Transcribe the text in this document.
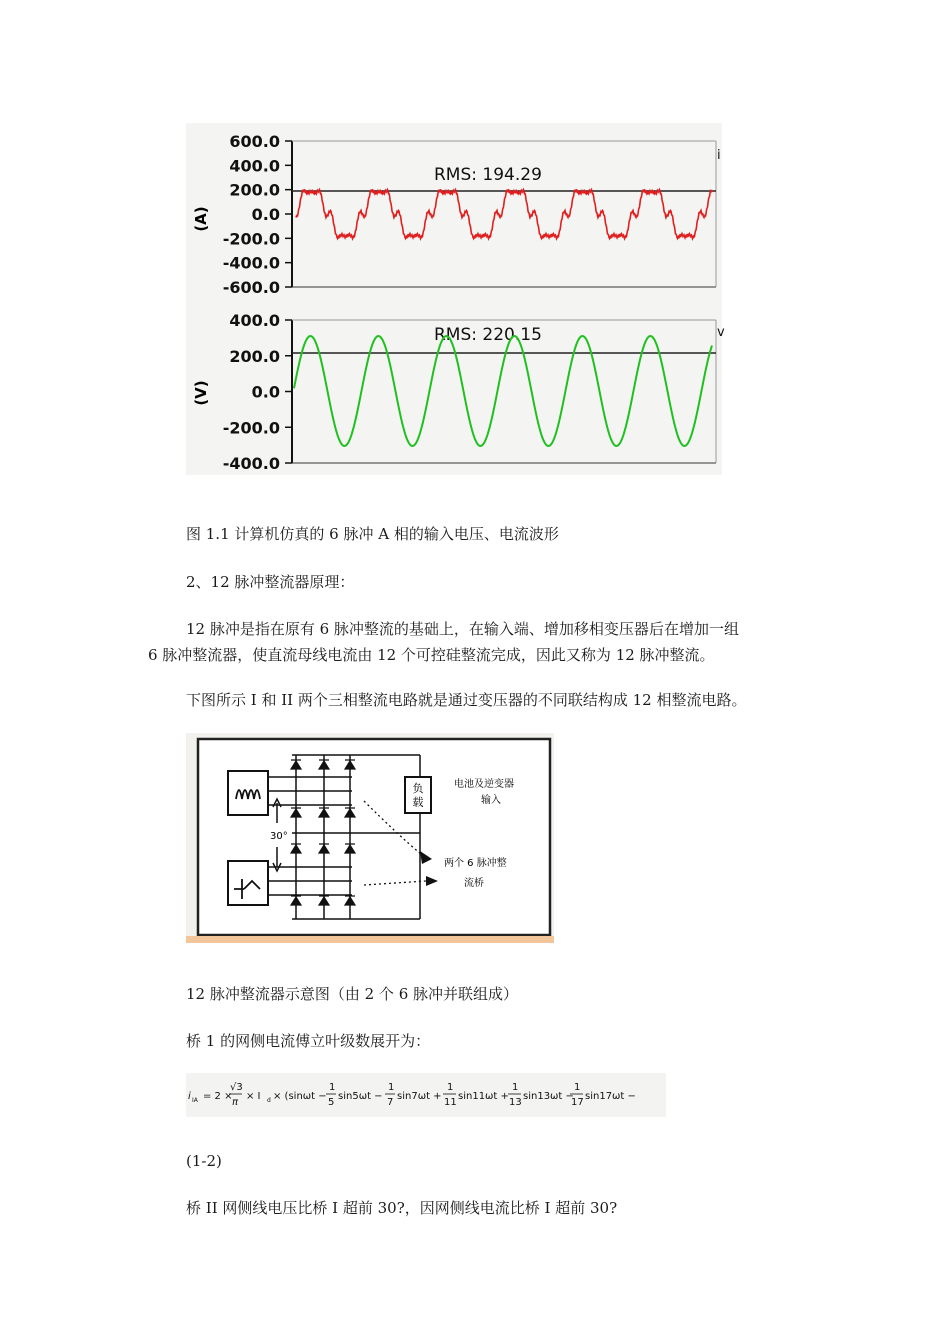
600.0
400.0
200.0
0.0
-200.0
-400.0
-600.0
(A)
RMS: 194.29
i
400.0
200.0
0.0
-200.0
-400.0
(V)
RMS: 220.15	v
图 1.1 计算机仿真的 6 脉冲 A 相的输入电压、电流波形
2、12 脉冲整流器原理：
12 脉冲是指在原有 6 脉冲整流的基础上，在输入端、增加移相变压器后在增加一组
6 脉冲整流器，使直流母线电流由 12 个可控硅整流完成，因此又称为 12 脉冲整流。
下图所示 I 和 II 两个三相整流电路就是通过变压器的不同联结构成 12 相整流电路。
30°
负
载
电池及逆变器
输入
两个 6 脉冲整
流桥
12 脉冲整流器示意图（由 2 个 6 脉冲并联组成）
桥 1 的网侧电流傅立叶级数展开为：
i IA = 2 ×
√3
π
× I d × (sinωt −
1
5
sin5ωt −
1
7
sin7ωt +
1
11
sin11ωt +
1
13
sin13ωt −
1
17
sin17ωt −
(1-2)
桥 II 网侧线电压比桥 I 超前 30?，因网侧线电流比桥 I 超前 30?
